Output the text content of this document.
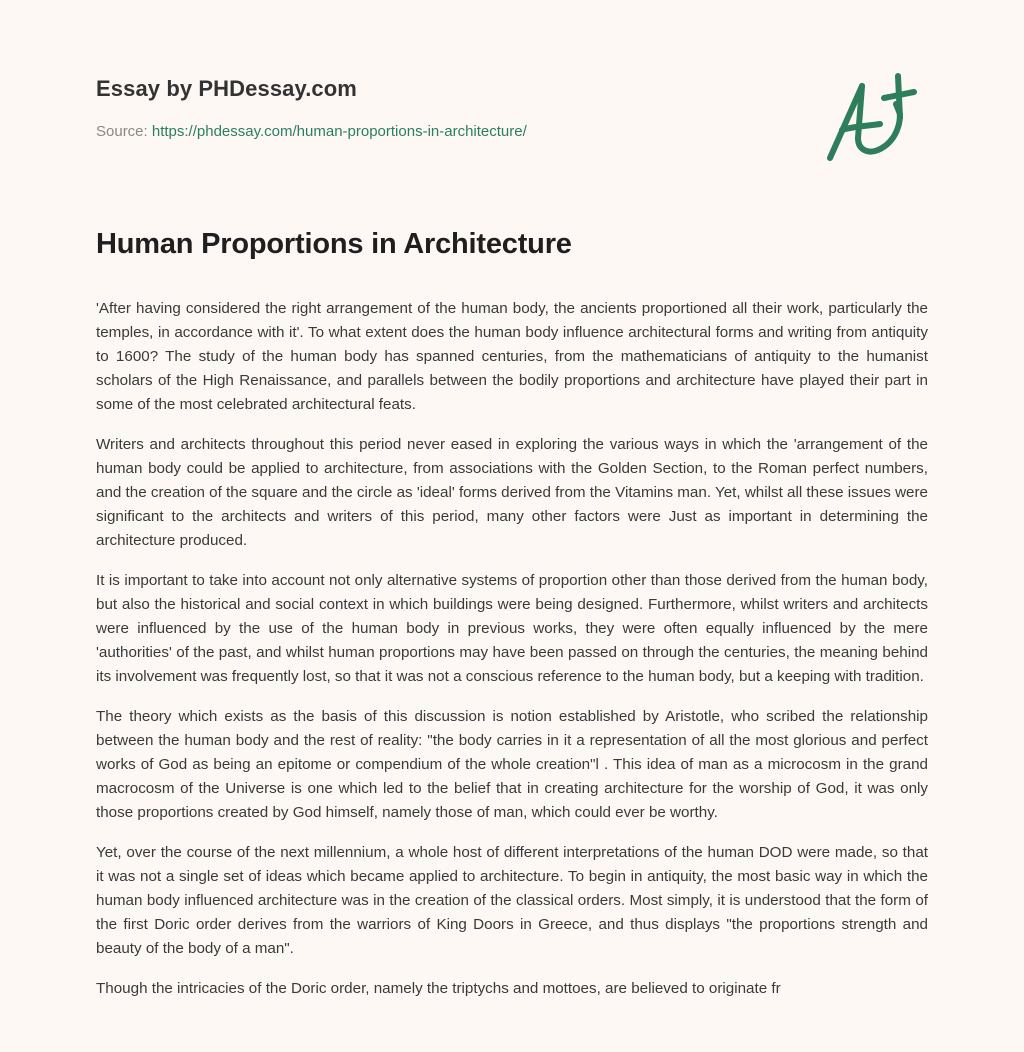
Essay by PHDessay.com
Source: https://phdessay.com/human-proportions-in-architecture/
Human Proportions in Architecture

'After having considered the right arrangement of the human body, the ancients proportioned all their work, particularly the temples, in accordance with it'. To what extent does the human body influence architectural forms and writing from antiquity to 1600? The study of the human body has spanned centuries, from the mathematicians of antiquity to the humanist scholars of the High Renaissance, and parallels between the bodily proportions and architecture have played their part in some of the most celebrated architectural feats.

Writers and architects throughout this period never eased in exploring the various ways in which the 'arrangement of the human body could be applied to architecture, from associations with the Golden Section, to the Roman perfect numbers, and the creation of the square and the circle as 'ideal' forms derived from the Vitamins man. Yet, whilst all these issues were significant to the architects and writers of this period, many other factors were Just as important in determining the architecture produced.

It is important to take into account not only alternative systems of proportion other than those derived from the human body, but also the historical and social context in which buildings were being designed. Furthermore, whilst writers and architects were influenced by the use of the human body in previous works, they were often equally influenced by the mere 'authorities' of the past, and whilst human proportions may have been passed on through the centuries, the meaning behind its involvement was frequently lost, so that it was not a conscious reference to the human body, but a keeping with tradition.

The theory which exists as the basis of this discussion is notion established by Aristotle, who scribed the relationship between the human body and the rest of reality: "the body carries in it a representation of all the most glorious and perfect works of God as being an epitome or compendium of the whole creation"l . This idea of man as a microcosm in the grand macrocosm of the Universe is one which led to the belief that in creating architecture for the worship of God, it was only those proportions created by God himself, namely those of man, which could ever be worthy.

Yet, over the course of the next millennium, a whole host of different interpretations of the human DOD were made, so that it was not a single set of ideas which became applied to architecture. To begin in antiquity, the most basic way in which the human body influenced architecture was in the creation of the classical orders. Most simply, it is understood that the form of the first Doric order derives from the warriors of King Doors in Greece, and thus displays "the proportions strength and beauty of the body of a man".

Though the intricacies of the Doric order, namely the triptychs and mottoes, are believed to originate fr
